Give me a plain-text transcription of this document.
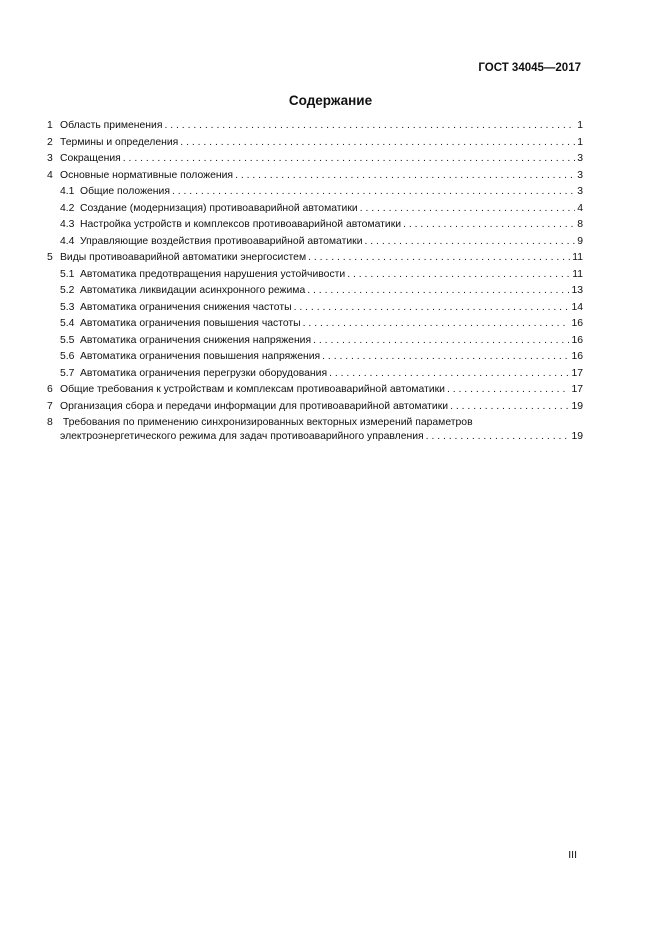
ГОСТ 34045—2017
Содержание
1 Область применения . . .	1
2 Термины и определения . . .	1
3 Сокращения . . .	3
4 Основные нормативные положения . . .	3
4.1 Общие положения . . .	3
4.2 Создание (модернизация) противоаварийной автоматики . . .	4
4.3 Настройка устройств и комплексов противоаварийной автоматики . . .	8
4.4 Управляющие воздействия противоаварийной автоматики . . .	9
5 Виды противоаварийной автоматики энергосистем . . .	11
5.1 Автоматика предотвращения нарушения устойчивости . . .	11
5.2 Автоматика ликвидации асинхронного режима . . .	13
5.3 Автоматика ограничения снижения частоты . . .	14
5.4 Автоматика ограничения повышения частоты . . .	16
5.5 Автоматика ограничения снижения напряжения . . .	16
5.6 Автоматика ограничения повышения напряжения . . .	16
5.7 Автоматика ограничения перегрузки оборудования . . .	17
6 Общие требования к устройствам и комплексам противоаварийной автоматики . . .	17
7 Организация сбора и передачи информации для противоаварийной автоматики . . .	19
8 Требования по применению синхронизированных векторных измерений параметров
электроэнергетического режима для задач противоаварийного управления . . .	19
III
